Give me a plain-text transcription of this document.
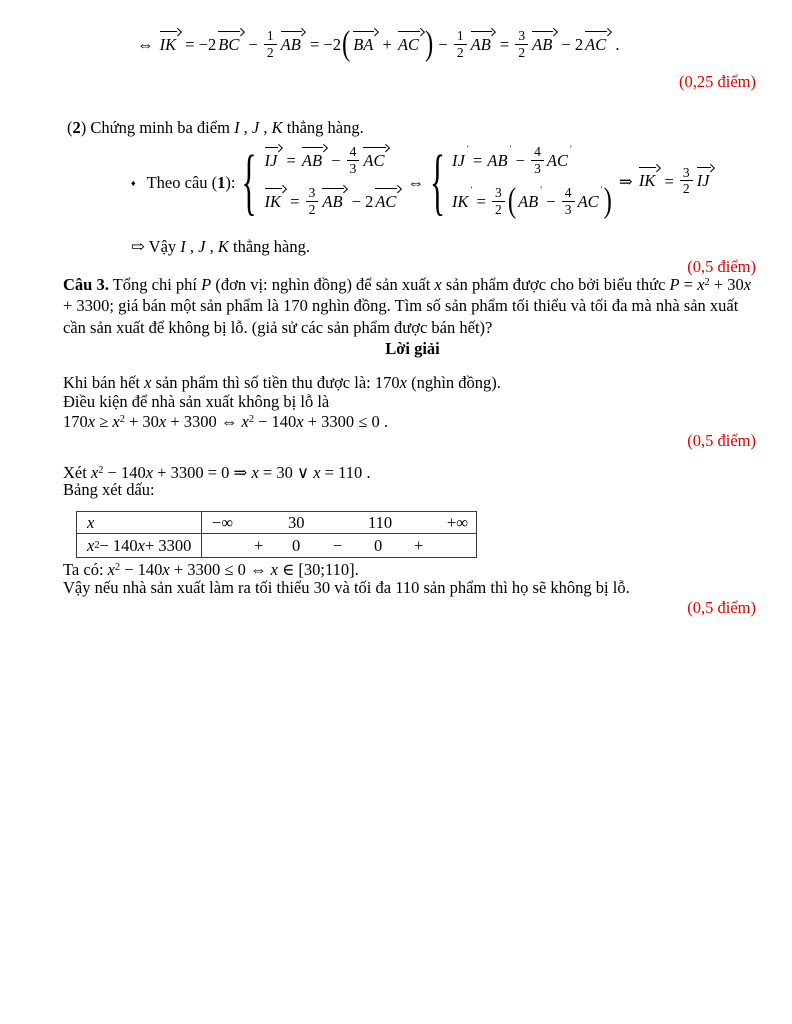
⇔ IK = −2 BC − $\frac{1}{2}$ AB = −2( BA + AC ) − $\frac{1}{2}$ AB = $\frac{3}{2}$ AB − 2 AC .
(0,25 điểm)
(2) Chứng minh ba điểm I , J , K thẳng hàng.
♦ Theo câu (1): { IJ = AB − $\frac{4}{3}$ AC
IK = $\frac{3}{2}$ AB − 2 AC
⇔ { IJ ′ = AB ′ − $\frac{4}{3}$ AC ′
IK ′ = $\frac{3}{2}$ ( AB ′ − $\frac{4}{3}$ AC ′ )
⇒ IK = $\frac{3}{2}$ IJ
⇨ Vậy I , J , K thẳng hàng.
(0,5 điểm)
Câu 3. Tổng chi phí P (đơn vị: nghìn đồng) để sản xuất x sản phẩm được cho bởi biểu thức $P = x^2 + 30x + 3300$; giá bán một sản phẩm là 170 nghìn đồng. Tìm số sản phẩm tối thiểu và tối đa mà nhà sản xuất cần sản xuất để không bị lỗ. (giả sử các sản phẩm được bán hết)?
Lời giải
Khi bán hết x sản phẩm thì số tiền thu được là: 170x (nghìn đồng).
Điều kiện để nhà sản xuất không bị lỗ là
$170x \ge x^2 + 30x + 3300$ ⇔ $x^2 - 140x + 3300 \le 0$ .
(0,5 điểm)
Xét $x^2 - 140x + 3300 = 0$ ⇒ x = 30 ∨ x = 110 .
Bảng xét dấu:
x	−∞	30	110	+∞
x 2 − 140 x + 3300	+ 0 − 0 +
Ta có: $x^2 - 140x + 3300 \le 0$ ⇔ x ∈ [30;110].
Vậy nếu nhà sản xuất làm ra tối thiểu 30 và tối đa 110 sản phẩm thì họ sẽ không bị lỗ.
(0,5 điểm)
